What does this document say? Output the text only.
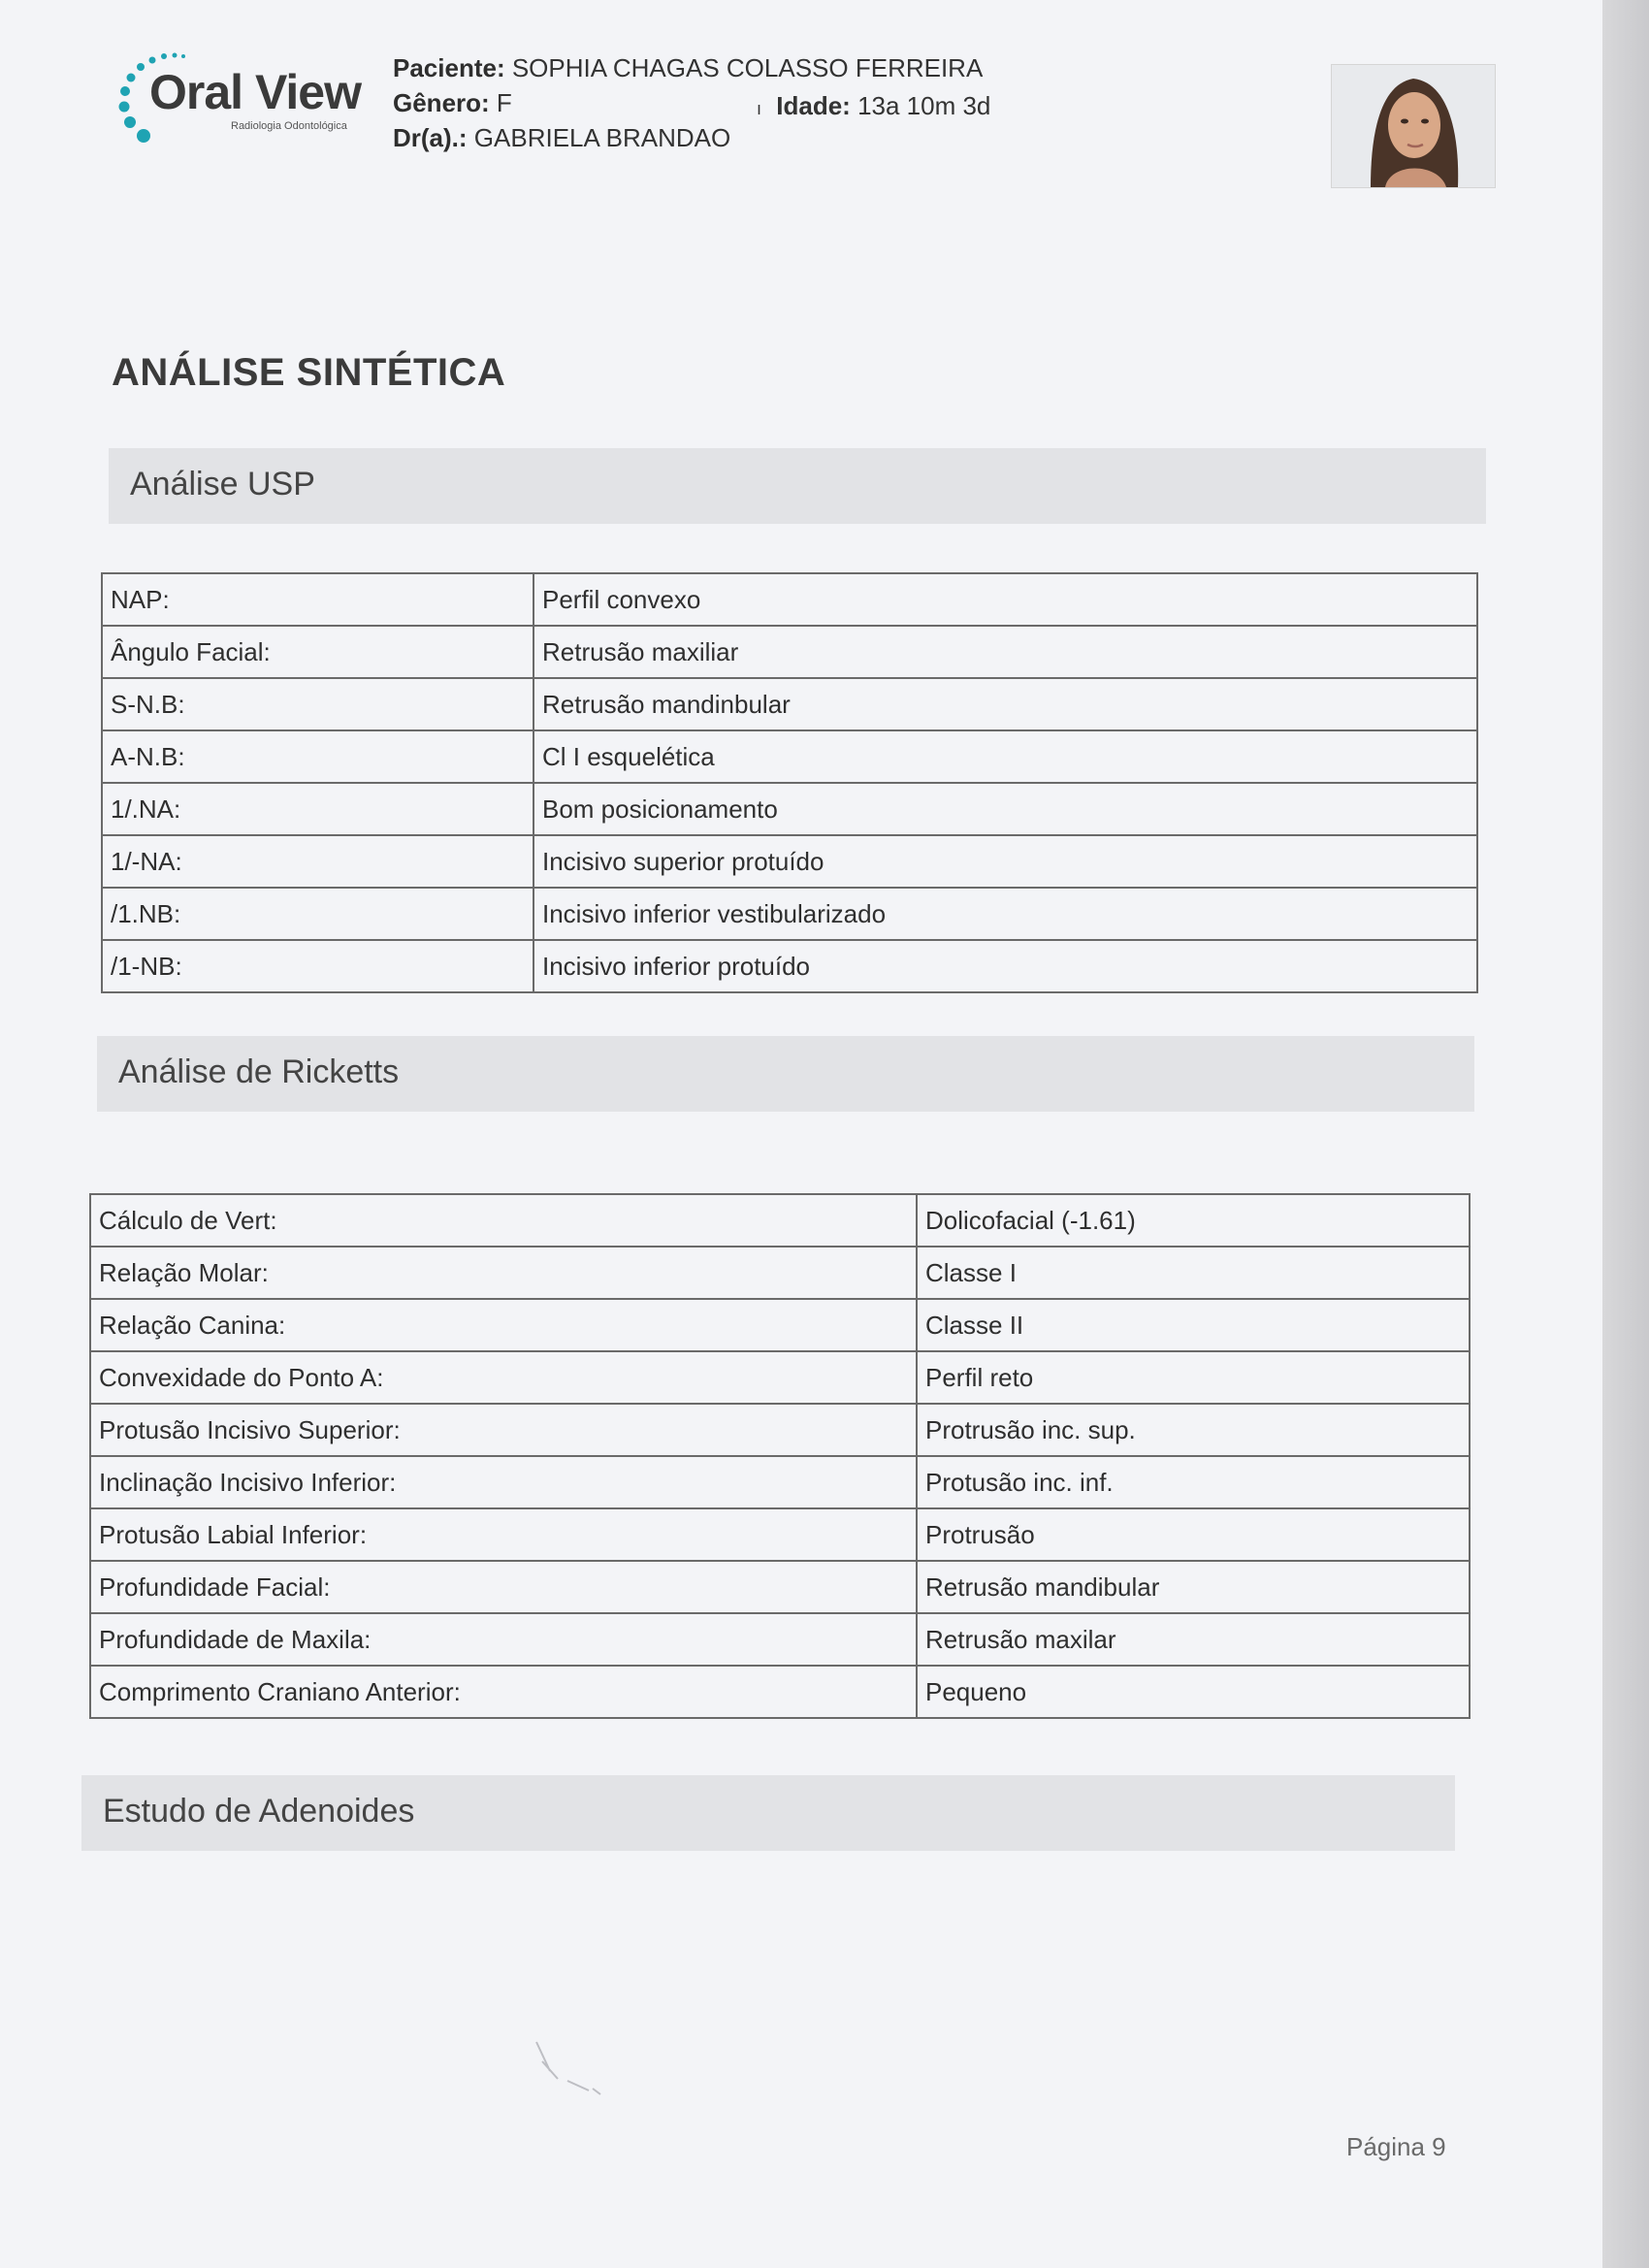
Oral View
Radiologia Odontológica
Paciente: SOPHIA CHAGAS COLASSO FERREIRA
Gênero: F
Dr(a).: GABRIELA BRANDAO
ı Idade: 13a 10m 3d
ANÁLISE SINTÉTICA
Análise USP
NAP:	Perfil convexo
Ângulo Facial:	Retrusão maxiliar
S-N.B:	Retrusão mandinbular
A-N.B:	Cl I esquelética
1/.NA:	Bom posicionamento
1/-NA:	Incisivo superior protuído
/1.NB:	Incisivo inferior vestibularizado
/1-NB:	Incisivo inferior protuído
Análise de Ricketts
Cálculo de Vert:	Dolicofacial (-1.61)
Relação Molar:	Classe I
Relação Canina:	Classe II
Convexidade do Ponto A:	Perfil reto
Protusão Incisivo Superior:	Protrusão inc. sup.
Inclinação Incisivo Inferior:	Protusão inc. inf.
Protusão Labial Inferior:	Protrusão
Profundidade Facial:	Retrusão mandibular
Profundidade de Maxila:	Retrusão maxilar
Comprimento Craniano Anterior:	Pequeno
Estudo de Adenoides
Página 9
